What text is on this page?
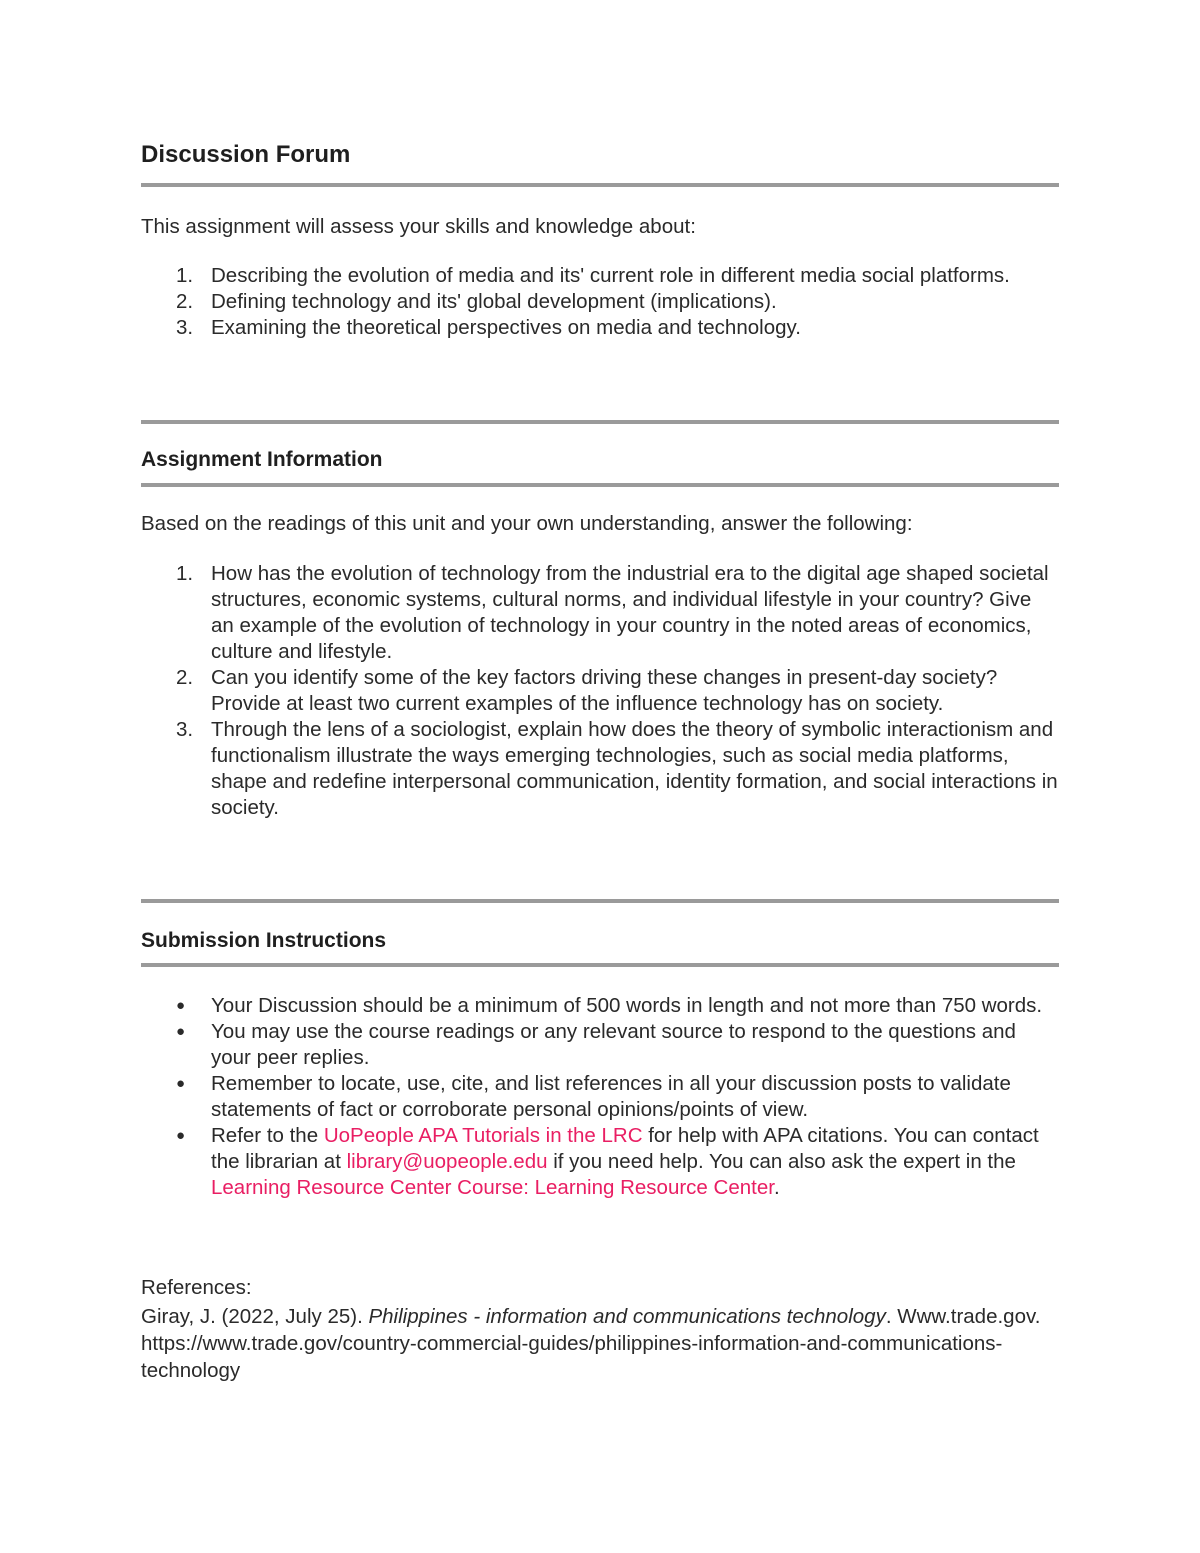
Discussion Forum

This assignment will assess your skills and knowledge about:

1. Describing the evolution of media and its' current role in different media social platforms.
2. Defining technology and its' global development (implications).
3. Examining the theoretical perspectives on media and technology.
Assignment Information

Based on the readings of this unit and your own understanding, answer the following:

1. How has the evolution of technology from the industrial era to the digital age shaped societal structures, economic systems, cultural norms, and individual lifestyle in your country? Give an example of the evolution of technology in your country in the noted areas of economics, culture and lifestyle.
2. Can you identify some of the key factors driving these changes in present-day society? Provide at least two current examples of the influence technology has on society.
3. Through the lens of a sociologist, explain how does the theory of symbolic interactionism and functionalism illustrate the ways emerging technologies, such as social media platforms, shape and redefine interpersonal communication, identity formation, and social interactions in society.
Submission Instructions
● Your Discussion should be a minimum of 500 words in length and not more than 750 words.
● You may use the course readings or any relevant source to respond to the questions and your peer replies.
● Remember to locate, use, cite, and list references in all your discussion posts to validate statements of fact or corroborate personal opinions/points of view.
● Refer to the UoPeople APA Tutorials in the LRC for help with APA citations. You can contact the librarian at library@uopeople.edu if you need help. You can also ask the expert in the Learning Resource Center Course: Learning Resource Center.

References:

Giray, J. (2022, July 25). Philippines - information and communications technology. Www.trade.gov. https://www.trade.gov/country-commercial-guides/philippines-information-and-communications-technology
